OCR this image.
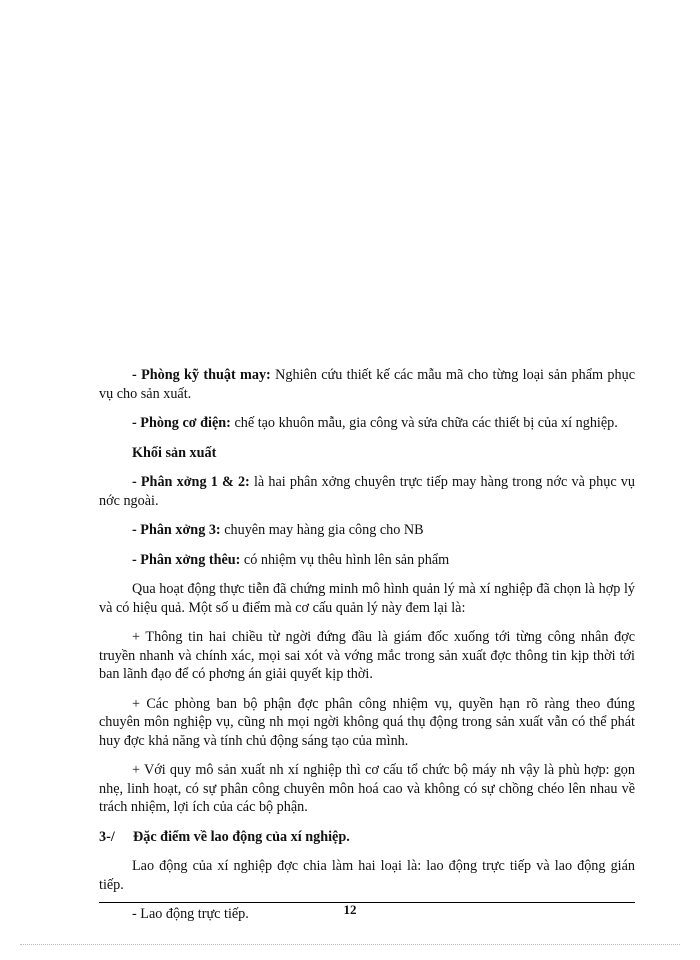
- Phòng kỹ thuật may: Nghiên cứu thiết kế các mẫu mã cho từng loại sản phẩm phục vụ cho sản xuất.

- Phòng cơ điện: chế tạo khuôn mẫu, gia công và sửa chữa các thiết bị của xí nghiệp.

Khối sản xuất

- Phân xởng 1 & 2: là hai phân xởng chuyên trực tiếp may hàng trong nớc và phục vụ nớc ngoài.

- Phân xởng 3: chuyên may hàng gia công cho NB

- Phân xởng thêu: có nhiệm vụ thêu hình lên sản phẩm

Qua hoạt động thực tiễn đã chứng minh mô hình quản lý mà xí nghiệp đã chọn là hợp lý và có hiệu quả. Một số u điểm mà cơ cấu quản lý này đem lại là:

+ Thông tin hai chiều từ ngời đứng đầu là giám đốc xuống tới từng công nhân đợc truyền nhanh và chính xác, mọi sai xót và vớng mắc trong sản xuất đợc thông tin kịp thời tới ban lãnh đạo để có phơng án giải quyết kịp thời.

+ Các phòng ban bộ phận đợc phân công nhiệm vụ, quyền hạn rõ ràng theo đúng chuyên môn nghiệp vụ, cũng nh mọi ngời không quá thụ động trong sản xuất vẫn có thể phát huy đợc khả năng và tính chủ động sáng tạo của mình.

+ Với quy mô sản xuất nh xí nghiệp thì cơ cấu tổ chức bộ máy nh vậy là phù hợp: gọn nhẹ, linh hoạt, có sự phân công chuyên môn hoá cao và không có sự chồng chéo lên nhau về trách nhiệm, lợi ích của các bộ phận.

3-/ Đặc điểm về lao động của xí nghiệp.

Lao động của xí nghiệp đợc chia làm hai loại là: lao động trực tiếp và lao động gián tiếp.

- Lao động trực tiếp.	12
